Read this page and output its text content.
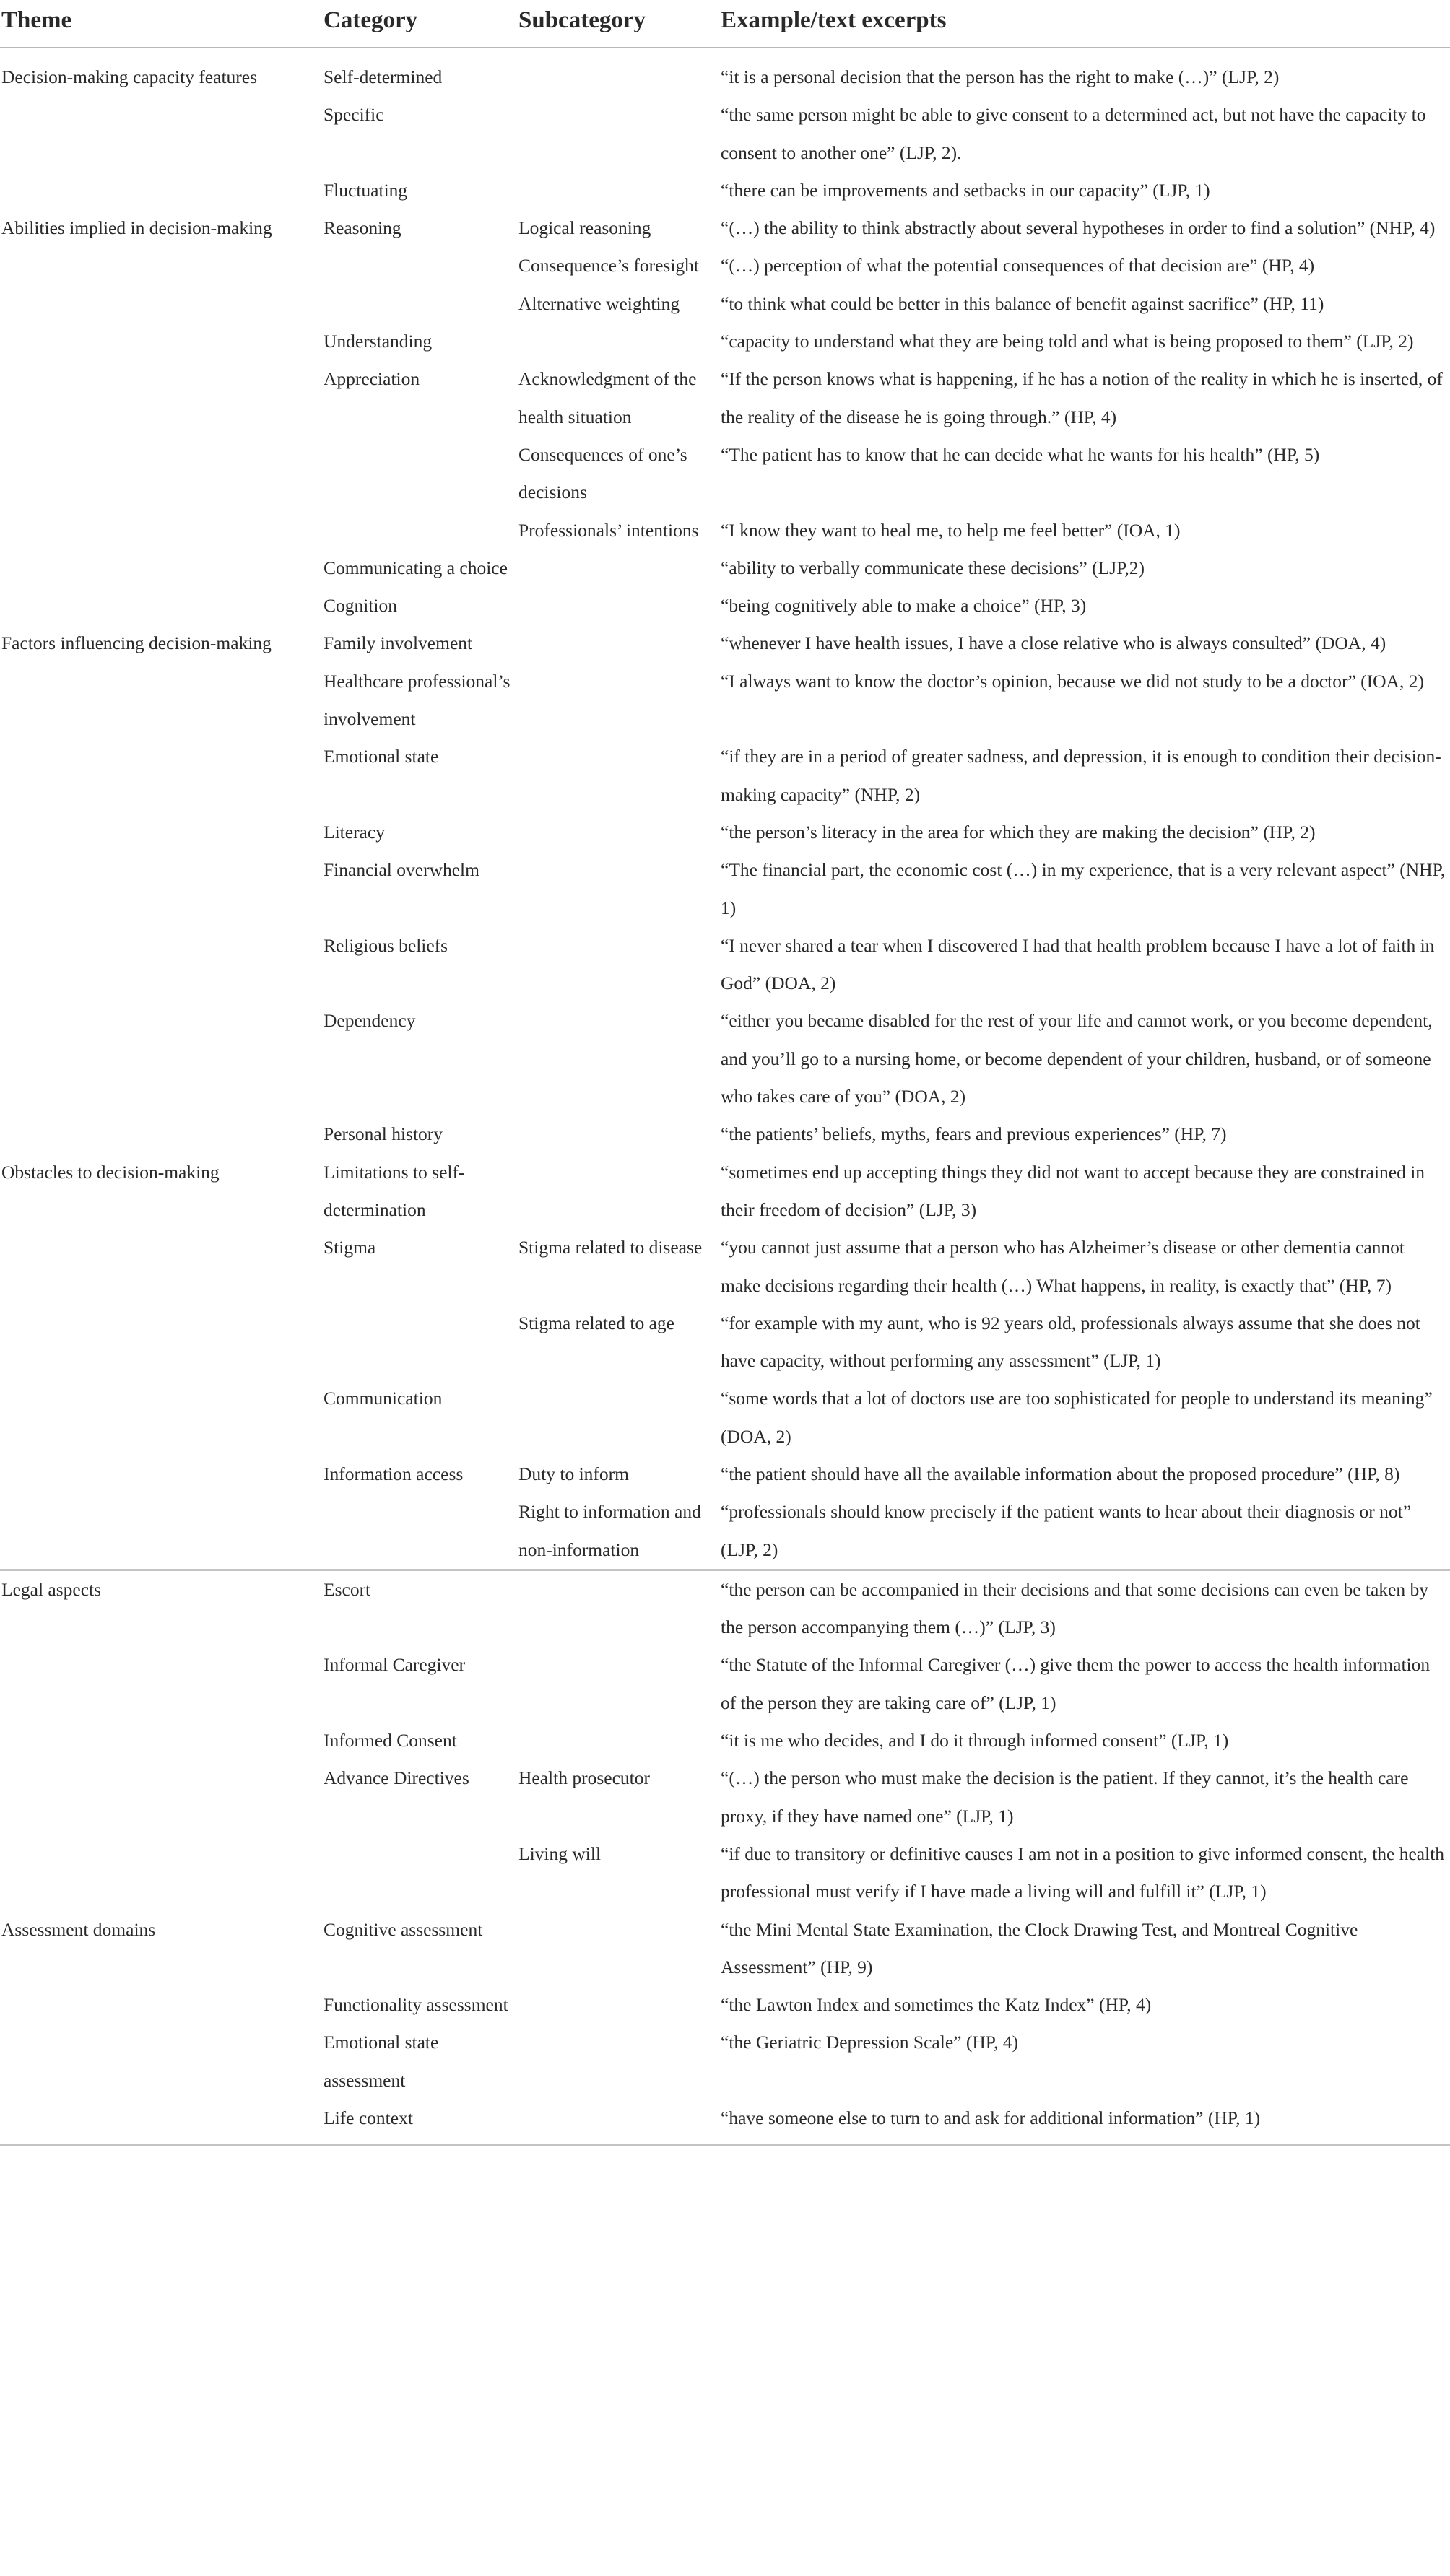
Theme	Category	Subcategory	Example/text excerpts
Decision-making capacity features	Self-determined		“it is a personal decision that the person has the right to make (…)” (LJP, 2)
	Specific		“the same person might be able to give consent to a determined act, but not have the capacity to consent to another one” (LJP, 2).
	Fluctuating		“there can be improvements and setbacks in our capacity” (LJP, 1)
Abilities implied in decision-making	Reasoning	Logical reasoning	“(…) the ability to think abstractly about several hypotheses in order to find a solution” (NHP, 4)
		Consequence’s foresight	“(…) perception of what the potential consequences of that decision are” (HP, 4)
		Alternative weighting	“to think what could be better in this balance of benefit against sacrifice” (HP, 11)
	Understanding		“capacity to understand what they are being told and what is being proposed to them” (LJP, 2)
	Appreciation	Acknowledgment of the health situation	“If the person knows what is happening, if he has a notion of the reality in which he is inserted, of the reality of the disease he is going through.” (HP, 4)
		Consequences of one’s decisions	“The patient has to know that he can decide what he wants for his health” (HP, 5)
		Professionals’ intentions	“I know they want to heal me, to help me feel better” (IOA, 1)
	Communicating a choice		“ability to verbally communicate these decisions” (LJP,2)
	Cognition		“being cognitively able to make a choice” (HP, 3)
Factors influencing decision-making	Family involvement		“whenever I have health issues, I have a close relative who is always consulted” (DOA, 4)
	Healthcare professional’s involvement		“I always want to know the doctor’s opinion, because we did not study to be a doctor” (IOA, 2)
	Emotional state		“if they are in a period of greater sadness, and depression, it is enough to condition their decision-making capacity” (NHP, 2)
	Literacy		“the person’s literacy in the area for which they are making the decision” (HP, 2)
	Financial overwhelm		“The financial part, the economic cost (…) in my experience, that is a very relevant aspect” (NHP, 1)
	Religious beliefs		“I never shared a tear when I discovered I had that health problem because I have a lot of faith in God” (DOA, 2)
	Dependency		“either you became disabled for the rest of your life and cannot work, or you become dependent, and you’ll go to a nursing home, or become dependent of your children, husband, or of someone who takes care of you” (DOA, 2)
	Personal history		“the patients’ beliefs, myths, fears and previous experiences” (HP, 7)
Obstacles to decision-making	Limitations to self-determination		“sometimes end up accepting things they did not want to accept because they are constrained in their freedom of decision” (LJP, 3)
	Stigma	Stigma related to disease	“you cannot just assume that a person who has Alzheimer’s disease or other dementia cannot make decisions regarding their health (…) What happens, in reality, is exactly that” (HP, 7)
		Stigma related to age	“for example with my aunt, who is 92 years old, professionals always assume that she does not have capacity, without performing any assessment” (LJP, 1)
	Communication		“some words that a lot of doctors use are too sophisticated for people to understand its meaning” (DOA, 2)
	Information access	Duty to inform	“the patient should have all the available information about the proposed procedure” (HP, 8)
		Right to information and non-information	“professionals should know precisely if the patient wants to hear about their diagnosis or not” (LJP, 2)
Legal aspects	Escort		“the person can be accompanied in their decisions and that some decisions can even be taken by the person accompanying them (…)” (LJP, 3)
	Informal Caregiver		“the Statute of the Informal Caregiver (…) give them the power to access the health information of the person they are taking care of” (LJP, 1)
	Informed Consent		“it is me who decides, and I do it through informed consent” (LJP, 1)
	Advance Directives	Health prosecutor	“(…) the person who must make the decision is the patient. If they cannot, it’s the health care proxy, if they have named one” (LJP, 1)
		Living will	“if due to transitory or definitive causes I am not in a position to give informed consent, the health professional must verify if I have made a living will and fulfill it” (LJP, 1)
Assessment domains	Cognitive assessment		“the Mini Mental State Examination, the Clock Drawing Test, and Montreal Cognitive Assessment” (HP, 9)
	Functionality assessment		“the Lawton Index and sometimes the Katz Index” (HP, 4)
	Emotional state assessment		“the Geriatric Depression Scale” (HP, 4)
	Life context		“have someone else to turn to and ask for additional information” (HP, 1)
